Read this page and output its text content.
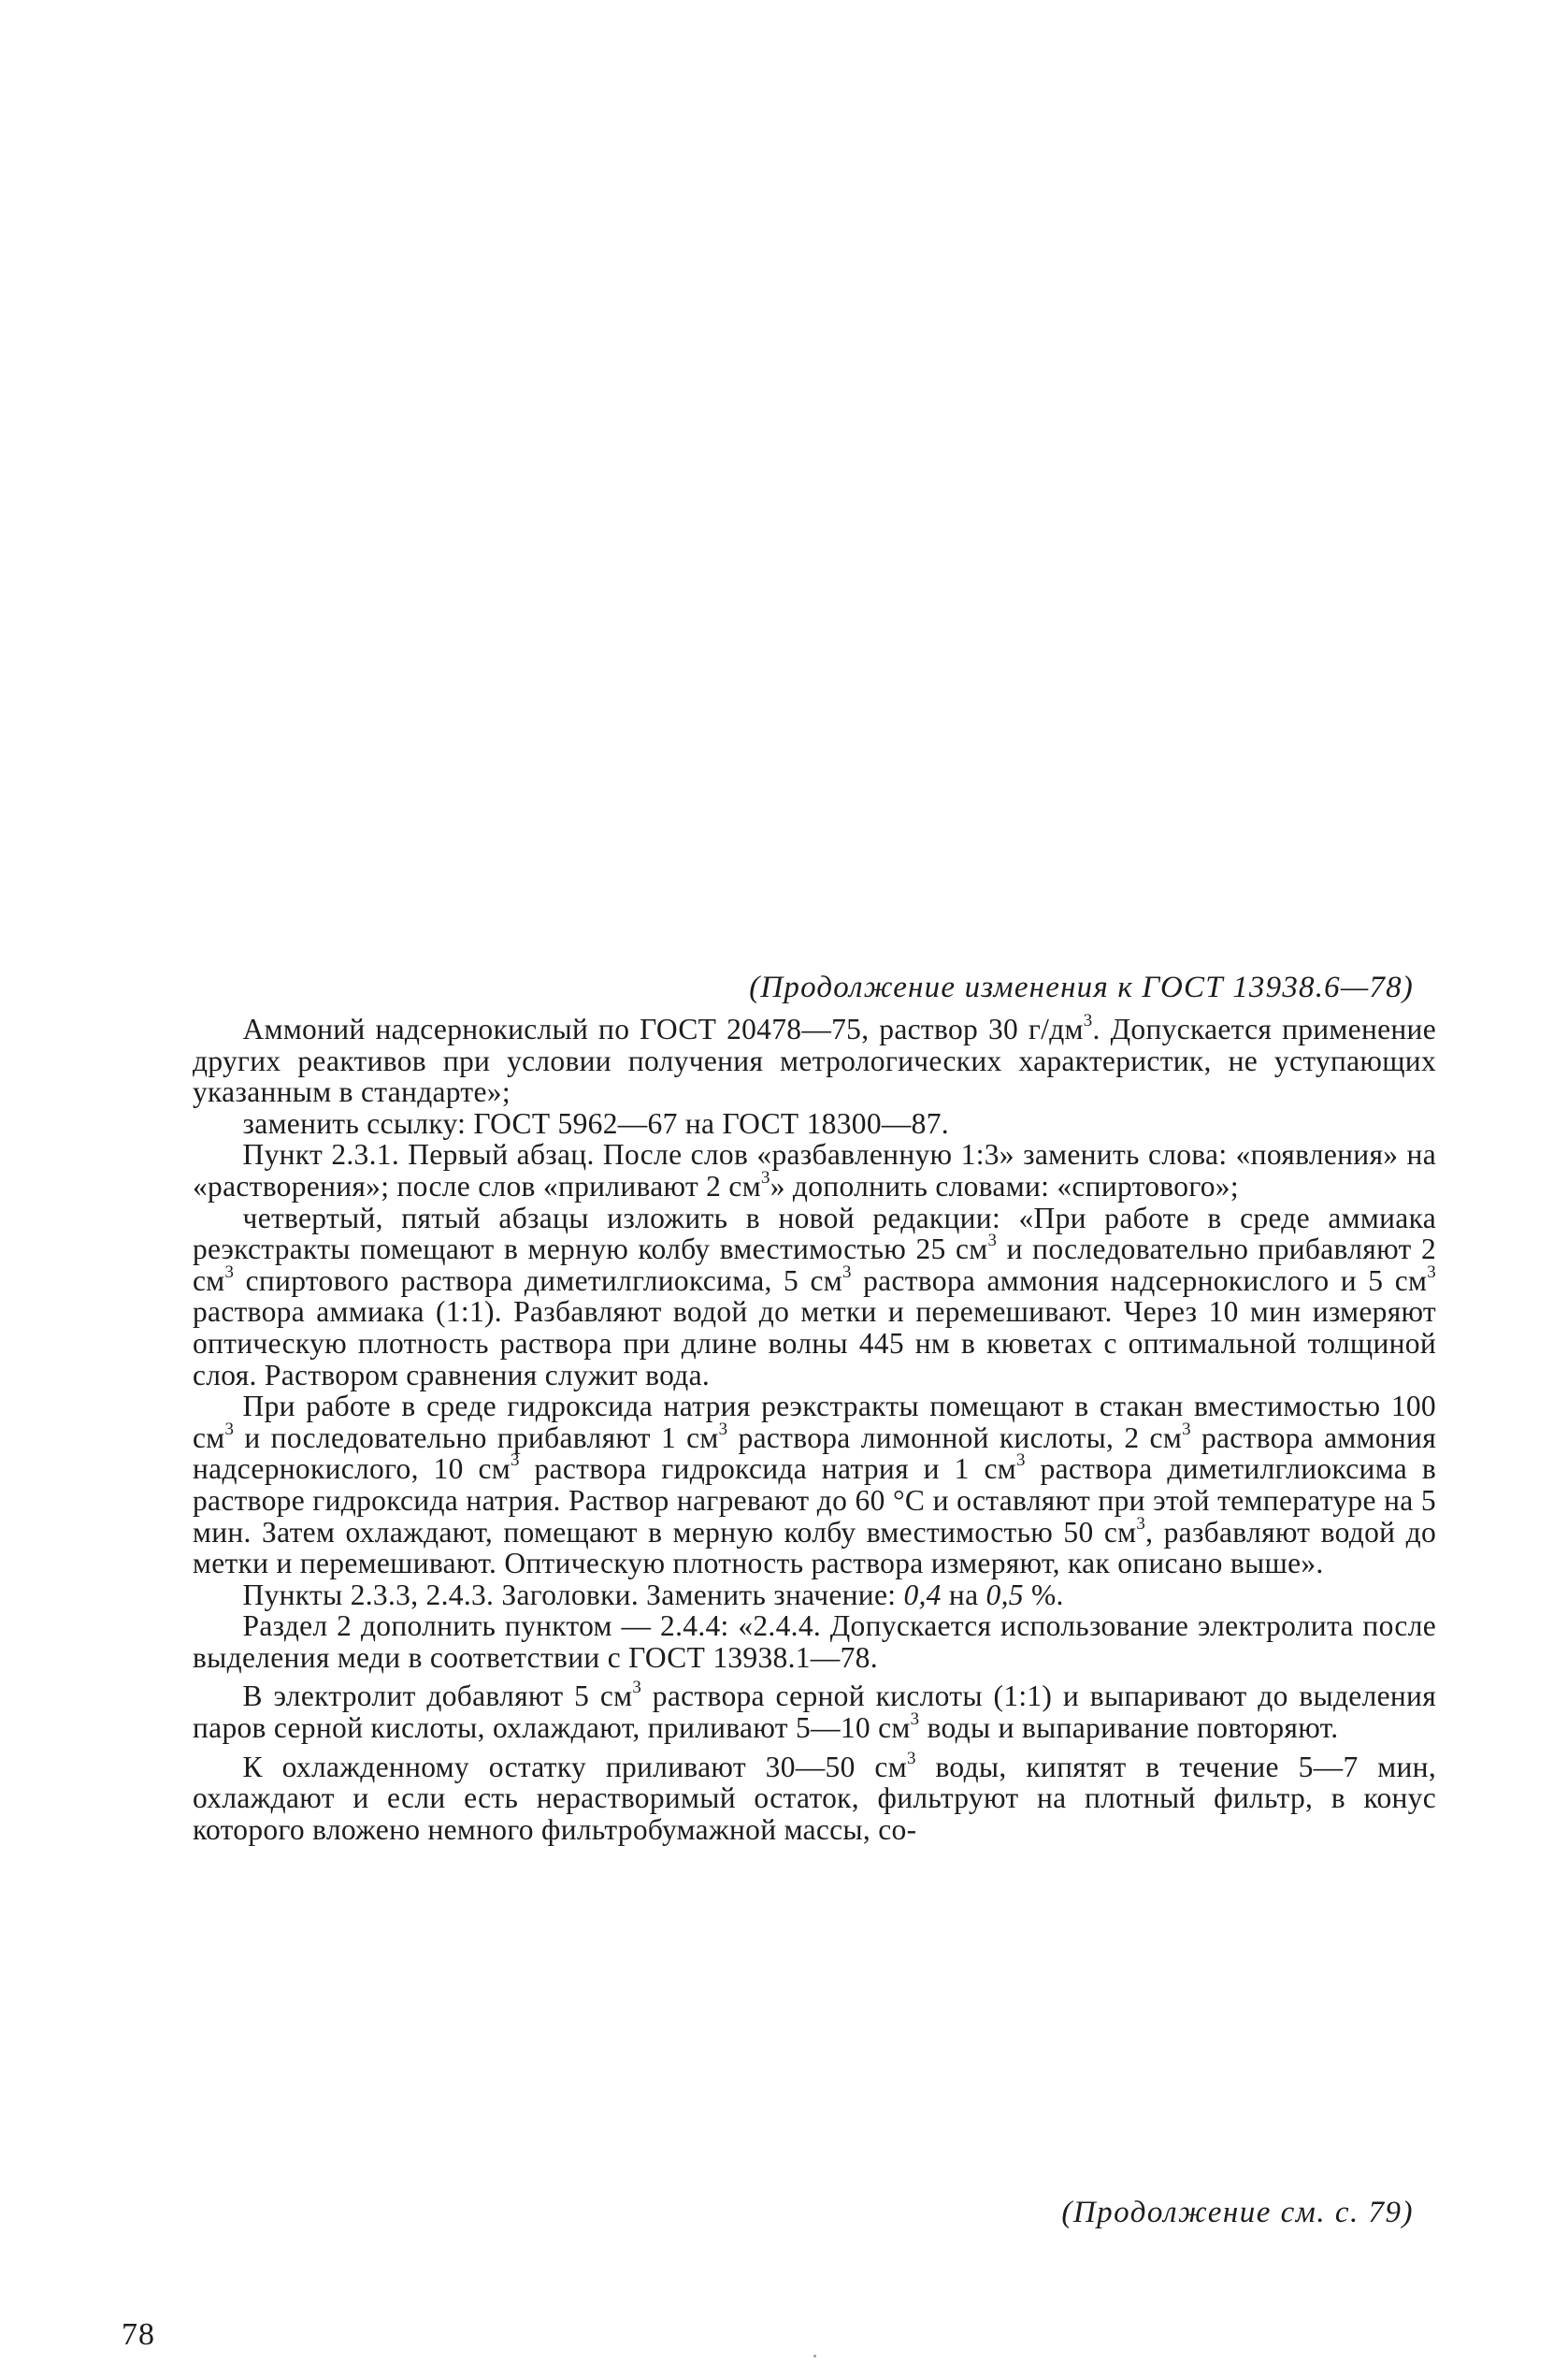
(Продолжение изменения к ГОСТ 13938.6—78)

Аммоний надсернокислый по ГОСТ 20478—75, раствор 30 $г/дм^3$. Допускается применение других реактивов при условии получения метрологических характеристик, не уступающих указанным в стандарте»;

заменить ссылку: ГОСТ 5962—67 на ГОСТ 18300—87.

Пункт 2.3.1. Первый абзац. После слов «разбавленную 1:3» заменить слова: «появления» на «растворения»; после слов «приливают 2 $см^3$» дополнить словами: «спиртового»;

четвертый, пятый абзацы изложить в новой редакции: «При работе в среде аммиака реэкстракты помещают в мерную колбу вместимостью 25 $см^3$ и последовательно прибавляют 2 $см^3$ спиртового раствора диметилглиоксима, 5 $см^3$ раствора аммония надсернокислого и 5 $см^3$ раствора аммиака (1:1). Разбавляют водой до метки и перемешивают. Через 10 мин измеряют оптическую плотность раствора при длине волны 445 нм в кюветах с оптимальной толщиной слоя. Раствором сравнения служит вода.

При работе в среде гидроксида натрия реэкстракты помещают в стакан вместимостью 100 $см^3$ и последовательно прибавляют 1 $см^3$ раствора лимонной кислоты, 2 $см^3$ раствора аммония надсернокислого, 10 $см^3$ раствора гидроксида натрия и 1 $см^3$ раствора диметилглиоксима в растворе гидроксида натрия. Раствор нагревают до 60 °С и оставляют при этой температуре на 5 мин. Затем охлаждают, помещают в мерную колбу вместимостью 50 $см^3$, разбавляют водой до метки и перемешивают. Оптическую плотность раствора измеряют, как описано выше».

Пункты 2.3.3, 2.4.3. Заголовки. Заменить значение: 0,4 на 0,5 %.

Раздел 2 дополнить пунктом — 2.4.4: «2.4.4. Допускается использование электролита после выделения меди в соответствии с ГОСТ 13938.1—78.

В электролит добавляют 5 $см^3$ раствора серной кислоты (1:1) и выпаривают до выделения паров серной кислоты, охлаждают, приливают 5—10 $см^3$ воды и выпаривание повторяют.

К охлажденному остатку приливают 30—50 $см^3$ воды, кипятят в течение 5—7 мин, охлаждают и если есть нерастворимый остаток, фильтруют на плотный фильтр, в конус которого вложено немного фильтробумажной массы, со-

(Продолжение см. с. 79)
78
